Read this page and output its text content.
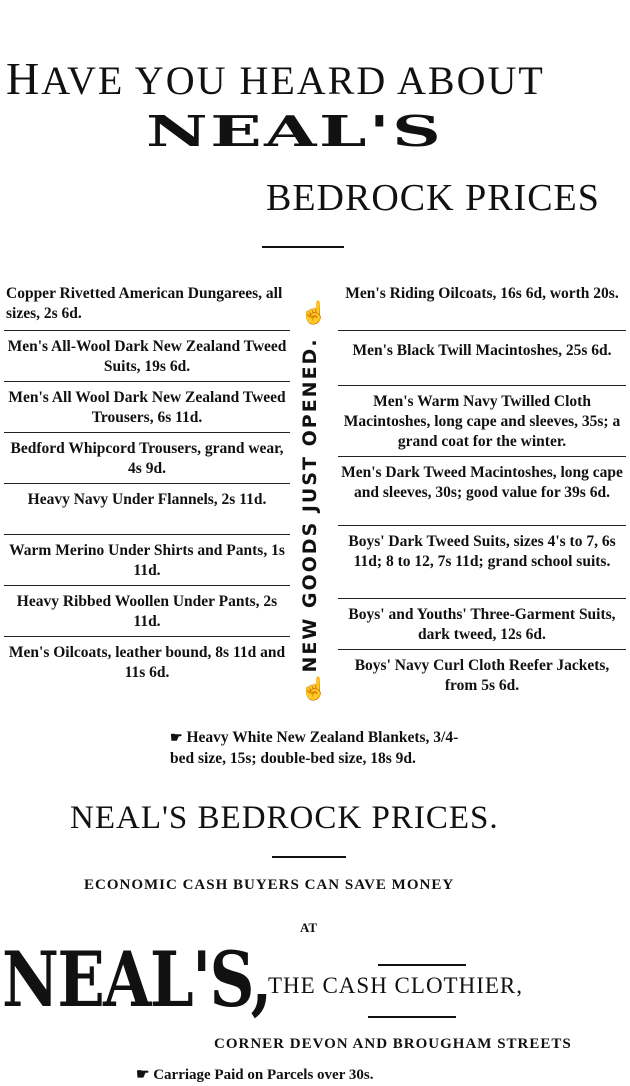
HAVE YOU HEARD ABOUT
NEAL'S
BEDROCK PRICES
Copper Rivetted American Dungarees, all sizes, 2s 6d.
Men's All-Wool Dark New Zealand Tweed Suits, 19s 6d.
Men's All Wool Dark New Zealand Tweed Trousers, 6s 11d.
Bedford Whipcord Trousers, grand wear, 4s 9d.
Heavy Navy Under Flannels, 2s 11d.
Warm Merino Under Shirts and Pants, 1s 11d.
Heavy Ribbed Woollen Under Pants, 2s 11d.
Men's Oilcoats, leather bound, 8s 11d and 11s 6d.
☝
NEW GOODS JUST OPENED.
☝
Men's Riding Oilcoats, 16s 6d, worth 20s.
Men's Black Twill Macintoshes, 25s 6d.
Men's Warm Navy Twilled Cloth Macintoshes, long cape and sleeves, 35s; a grand coat for the winter.
Men's Dark Tweed Macintoshes, long cape and sleeves, 30s; good value for 39s 6d.
Boys' Dark Tweed Suits, sizes 4's to 7, 6s 11d; 8 to 12, 7s 11d; grand school suits.
Boys' and Youths' Three-Garment Suits, dark tweed, 12s 6d.
Boys' Navy Curl Cloth Reefer Jackets, from 5s 6d.
☛ Heavy White New Zealand Blankets, 3/4-bed size, 15s; double-bed size, 18s 9d.
NEAL'S BEDROCK PRICES.
ECONOMIC CASH BUYERS CAN SAVE MONEY
AT
NEAL'S,
THE CASH CLOTHIER,
CORNER DEVON AND BROUGHAM STREETS
☛ Carriage Paid on Parcels over 30s.
